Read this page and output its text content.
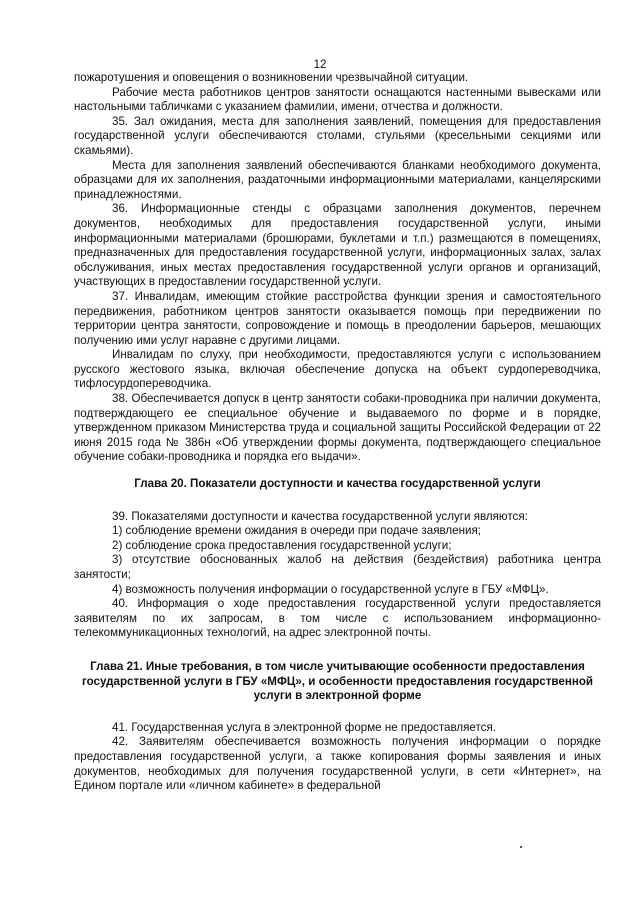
12

пожаротушения и оповещения о возникновении чрезвычайной ситуации.

Рабочие места работников центров занятости оснащаются настенными вывесками или настольными табличками с указанием фамилии, имени, отчества и должности.

35. Зал ожидания, места для заполнения заявлений, помещения для предоставления государственной услуги обеспечиваются столами, стульями (кресельными секциями или скамьями).

Места для заполнения заявлений обеспечиваются бланками необходимого документа, образцами для их заполнения, раздаточными информационными материалами, канцелярскими принадлежностями.

36. Информационные стенды с образцами заполнения документов, перечнем документов, необходимых для предоставления государственной услуги, иными информационными материалами (брошюрами, буклетами и т.п.) размещаются в помещениях, предназначенных для предоставления государственной услуги, информационных залах, залах обслуживания, иных местах предоставления государственной услуги органов и организаций, участвующих в предоставлении государственной услуги.

37. Инвалидам, имеющим стойкие расстройства функции зрения и самостоятельного передвижения, работником центров занятости оказывается помощь при передвижении по территории центра занятости, сопровождение и помощь в преодолении барьеров, мешающих получению ими услуг наравне с другими лицами.

Инвалидам по слуху, при необходимости, предоставляются услуги с использованием русского жестового языка, включая обеспечение допуска на объект сурдопереводчика, тифлосурдопереводчика.

38. Обеспечивается допуск в центр занятости собаки-проводника при наличии документа, подтверждающего ее специальное обучение и выдаваемого по форме и в порядке, утвержденном приказом Министерства труда и социальной защиты Российской Федерации от 22 июня 2015 года № 386н «Об утверждении формы документа, подтверждающего специальное обучение собаки-проводника и порядка его выдачи».

Глава 20. Показатели доступности и качества государственной услуги

39. Показателями доступности и качества государственной услуги являются:

1) соблюдение времени ожидания в очереди при подаче заявления;

2) соблюдение срока предоставления государственной услуги;

3) отсутствие обоснованных жалоб на действия (бездействия) работника центра занятости;

4) возможность получения информации о государственной услуге в ГБУ «МФЦ».

40. Информация о ходе предоставления государственной услуги предоставляется заявителям по их запросам, в том числе с использованием информационно-телекоммуникационных технологий, на адрес электронной почты.

Глава 21. Иные требования, в том числе учитывающие особенности предоставления государственной услуги в ГБУ «МФЦ», и особенности предоставления государственной услуги в электронной форме

41. Государственная услуга в электронной форме не предоставляется.

42. Заявителям обеспечивается возможность получения информации о порядке предоставления государственной услуги, а также копирования формы заявления и иных документов, необходимых для получения государственной услуги, в сети «Интернет», на Едином портале или «личном кабинете» в федеральной
